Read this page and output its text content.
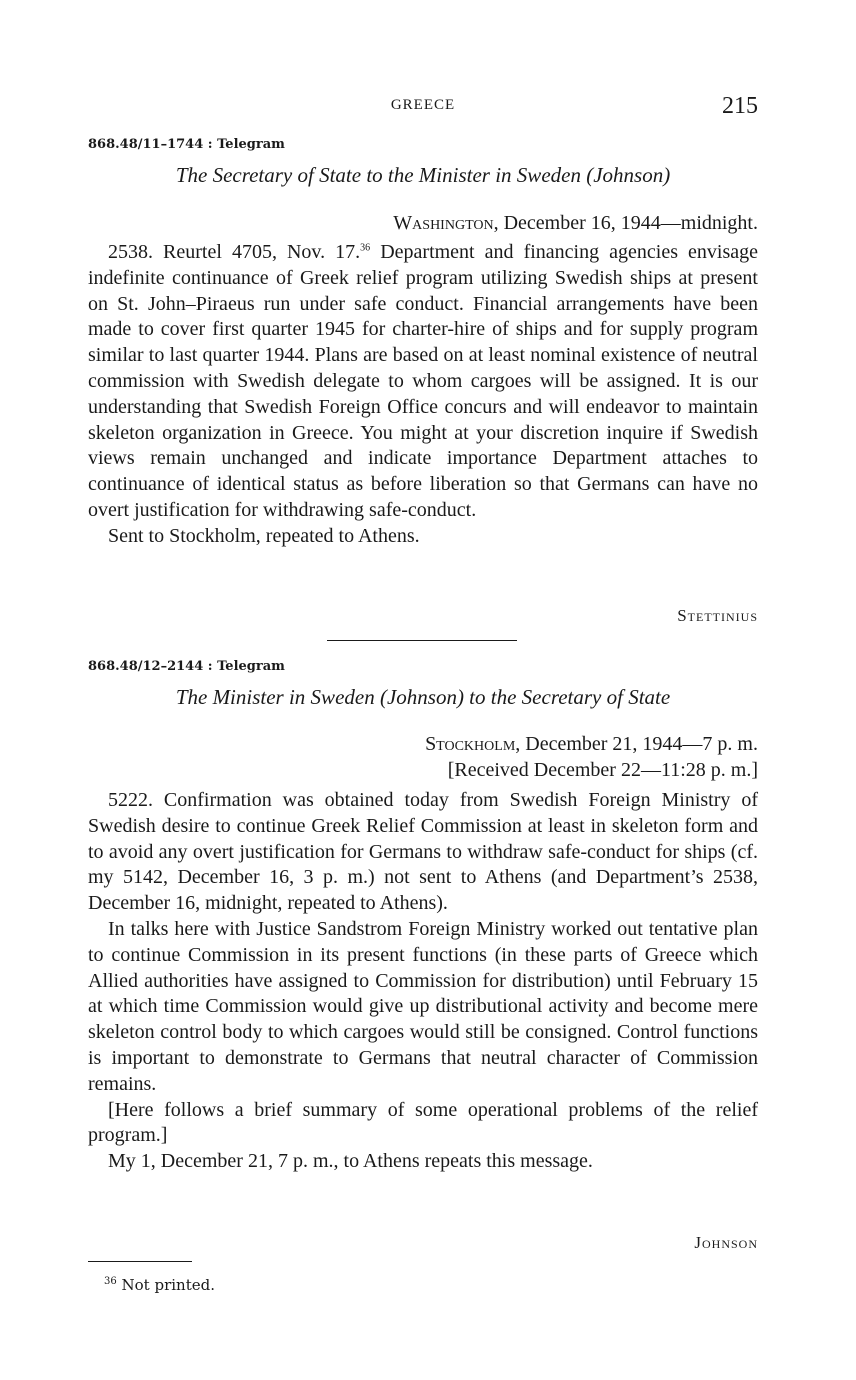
GREECE	215
868.48/11–1744 : Telegram
The Secretary of State to the Minister in Sweden (Johnson)
Washington, December 16, 1944—midnight.

2538. Reurtel 4705, Nov. 17.36 Department and financing agencies envisage indefinite continuance of Greek relief program utilizing Swedish ships at present on St. John–Piraeus run under safe conduct. Financial arrangements have been made to cover first quarter 1945 for charter-hire of ships and for supply program similar to last quarter 1944. Plans are based on at least nominal existence of neutral commission with Swedish delegate to whom cargoes will be assigned. It is our understanding that Swedish Foreign Office concurs and will endeavor to maintain skeleton organization in Greece. You might at your discretion inquire if Swedish views remain unchanged and indicate importance Department attaches to continuance of identical status as before liberation so that Germans can have no overt justification for withdrawing safe-conduct.

Sent to Stockholm, repeated to Athens.

Stettinius
868.48/12–2144 : Telegram
The Minister in Sweden (Johnson) to the Secretary of State
Stockholm, December 21, 1944—7 p. m.
[Received December 22—11:28 p. m.]

5222. Confirmation was obtained today from Swedish Foreign Ministry of Swedish desire to continue Greek Relief Commission at least in skeleton form and to avoid any overt justification for Germans to withdraw safe-conduct for ships (cf. my 5142, December 16, 3 p. m.) not sent to Athens (and Department’s 2538, December 16, midnight, repeated to Athens).

In talks here with Justice Sandstrom Foreign Ministry worked out tentative plan to continue Commission in its present functions (in these parts of Greece which Allied authorities have assigned to Commission for distribution) until February 15 at which time Commission would give up distributional activity and become mere skeleton control body to which cargoes would still be consigned. Control functions is important to demonstrate to Germans that neutral character of Commission remains.

[Here follows a brief summary of some operational problems of the relief program.]

My 1, December 21, 7 p. m., to Athens repeats this message.

Johnson
$^{36}$ Not printed.
